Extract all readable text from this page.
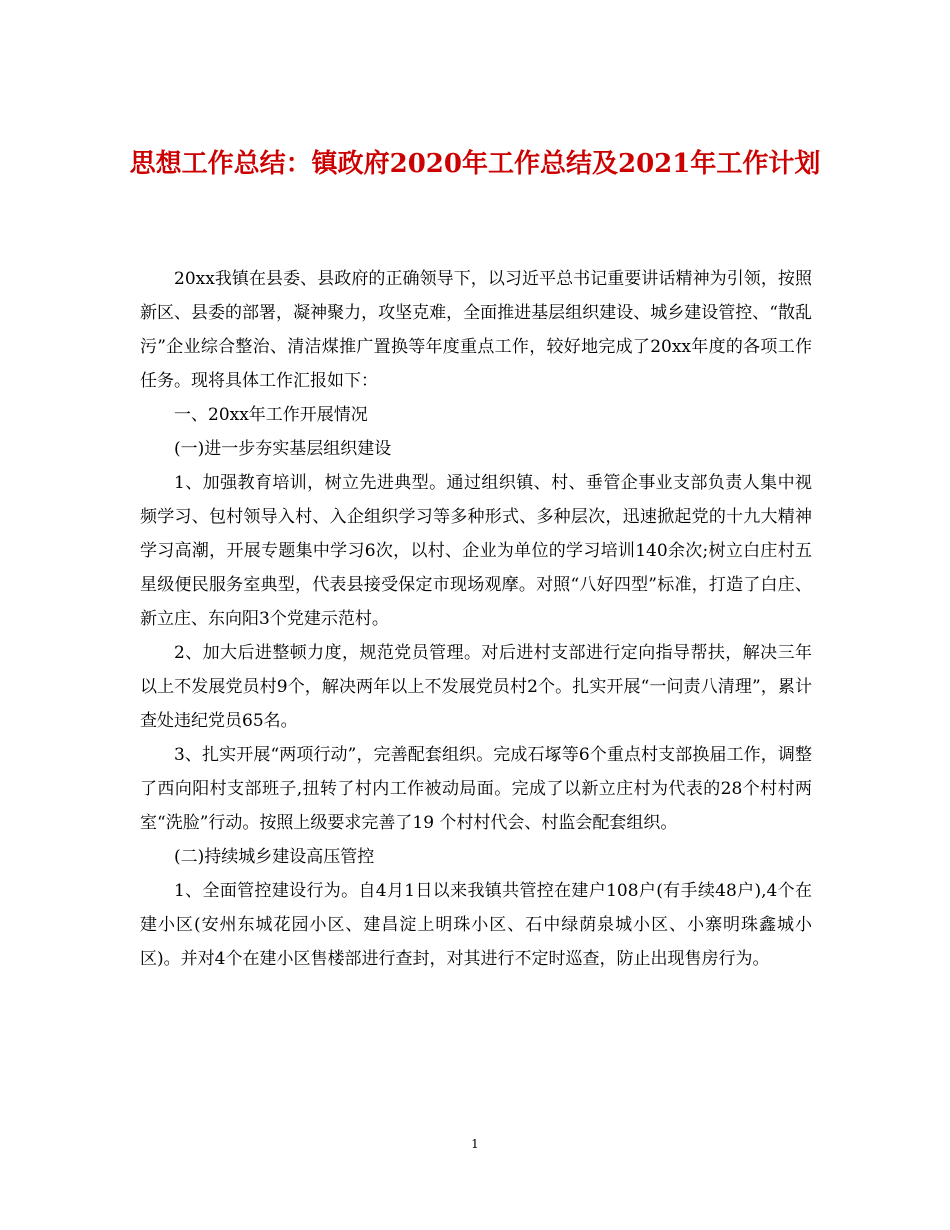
思想工作总结：镇政府2020年工作总结及2021年工作计划

20xx我镇在县委、县政府的正确领导下，以习近平总书记重要讲话精神为引领，按照新区、县委的部署，凝神聚力，攻坚克难，全面推进基层组织建设、城乡建设管控、“散乱污”企业综合整治、清洁煤推广置换等年度重点工作，较好地完成了20xx年度的各项工作任务。现将具体工作汇报如下：

一、20xx年工作开展情况

(一)进一步夯实基层组织建设

1、加强教育培训，树立先进典型。通过组织镇、村、垂管企事业支部负责人集中视频学习、包村领导入村、入企组织学习等多种形式、多种层次，迅速掀起党的十九大精神学习高潮，开展专题集中学习6次，以村、企业为单位的学习培训140余次;树立白庄村五星级便民服务室典型，代表县接受保定市现场观摩。对照“八好四型”标准，打造了白庄、新立庄、东向阳3个党建示范村。

2、加大后进整顿力度，规范党员管理。对后进村支部进行定向指导帮扶，解决三年以上不发展党员村9个，解决两年以上不发展党员村2个。扎实开展“一问责八清理”，累计查处违纪党员65名。

3、扎实开展“两项行动”，完善配套组织。完成石塚等6个重点村支部换届工作，调整了西向阳村支部班子,扭转了村内工作被动局面。完成了以新立庄村为代表的28个村村两室“洗脸”行动。按照上级要求完善了19 个村村代会、村监会配套组织。

(二)持续城乡建设高压管控

1、全面管控建设行为。自4月1日以来我镇共管控在建户108户(有手续48户),4个在建小区(安州东城花园小区、建昌淀上明珠小区、石中绿荫泉城小区、小寨明珠鑫城小区)。并对4个在建小区售楼部进行查封，对其进行不定时巡查，防止出现售房行为。

1
